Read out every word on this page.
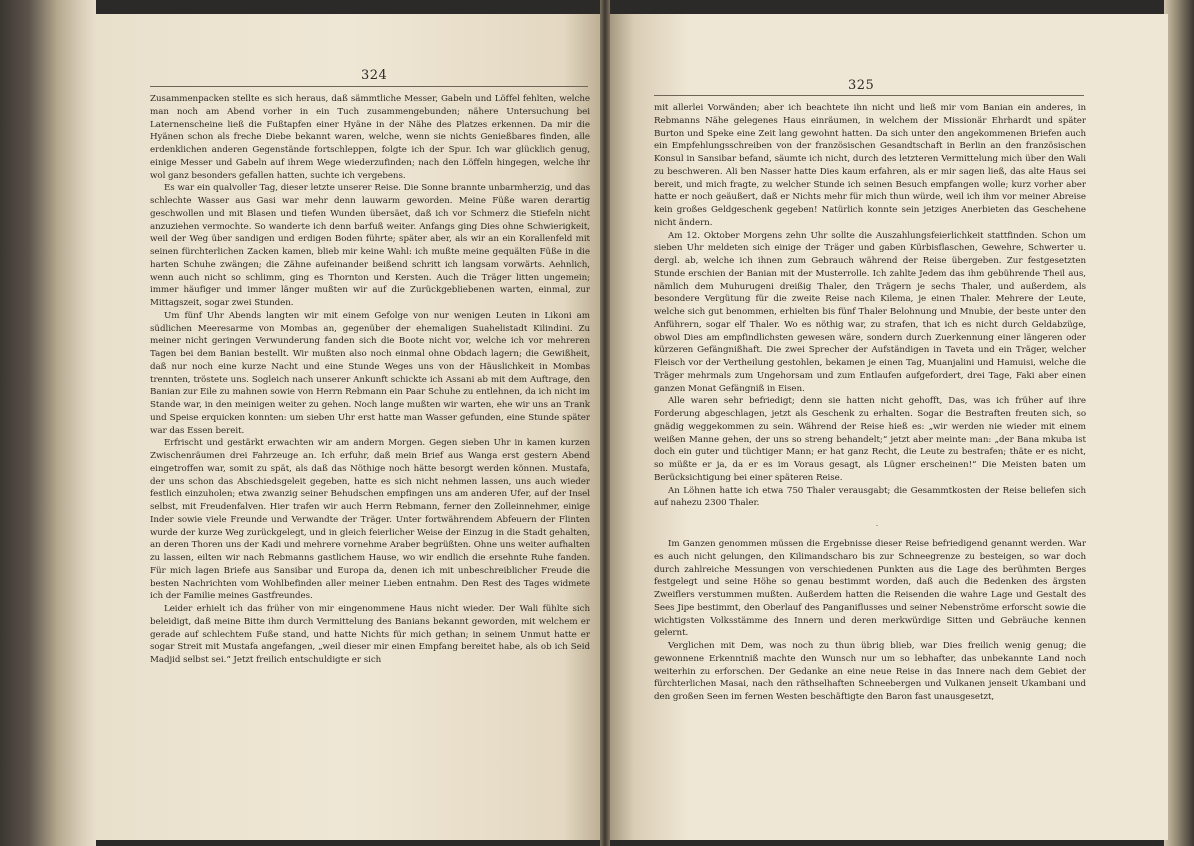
324
325

Zusammenpacken stellte es sich heraus, daß sämmtliche Messer, Gabeln und Löffel fehlten, welche man noch am Abend vorher in ein Tuch zusammengebunden; nähere Untersuchung bei Laternenscheine ließ die Fußtapfen einer Hyäne in der Nähe des Platzes erkennen. Da mir die Hyänen schon als freche Diebe bekannt waren, welche, wenn sie nichts Genießbares finden, alle erdenklichen anderen Gegenstände fortschleppen, folgte ich der Spur. Ich war glücklich genug, einige Messer und Gabeln auf ihrem Wege wiederzufinden; nach den Löffeln hingegen, welche ihr wol ganz besonders gefallen hatten, suchte ich vergebens.

Es war ein qualvoller Tag, dieser letzte unserer Reise. Die Sonne brannte unbarmherzig, und das schlechte Wasser aus Gasi war mehr denn lauwarm geworden. Meine Füße waren derartig geschwollen und mit Blasen und tiefen Wunden übersäet, daß ich vor Schmerz die Stiefeln nicht anzuziehen vermochte. So wanderte ich denn barfuß weiter. Anfangs ging Dies ohne Schwierigkeit, weil der Weg über sandigen und erdigen Boden führte; später aber, als wir an ein Korallenfeld mit seinen fürchterlichen Zacken kamen, blieb mir keine Wahl: ich mußte meine gequälten Füße in die harten Schuhe zwängen; die Zähne aufeinander beißend schritt ich langsam vorwärts. Aehnlich, wenn auch nicht so schlimm, ging es Thornton und Kersten. Auch die Träger litten ungemein; immer häufiger und immer länger mußten wir auf die Zurückgebliebenen warten, einmal, zur Mittagszeit, sogar zwei Stunden.

Um fünf Uhr Abends langten wir mit einem Gefolge von nur wenigen Leuten in Likoni am südlichen Meeresarme von Mombas an, gegenüber der ehemaligen Suahelistadt Kilindini. Zu meiner nicht geringen Verwunderung fanden sich die Boote nicht vor, welche ich vor mehreren Tagen bei dem Banian bestellt. Wir mußten also noch einmal ohne Obdach lagern; die Gewißheit, daß nur noch eine kurze Nacht und eine Stunde Weges uns von der Häuslichkeit in Mombas trennten, tröstete uns. Sogleich nach unserer Ankunft schickte ich Assani ab mit dem Auftrage, den Banian zur Eile zu mahnen sowie von Herrn Rebmann ein Paar Schuhe zu entlehnen, da ich nicht im Stande war, in den meinigen weiter zu gehen. Noch lange mußten wir warten, ehe wir uns an Trank und Speise erquicken konnten: um sieben Uhr erst hatte man Wasser gefunden, eine Stunde später war das Essen bereit.

Erfrischt und gestärkt erwachten wir am andern Morgen. Gegen sieben Uhr in kamen kurzen Zwischenräumen drei Fahrzeuge an. Ich erfuhr, daß mein Brief aus Wanga erst gestern Abend eingetroffen war, somit zu spät, als daß das Nöthige noch hätte besorgt werden können. Mustafa, der uns schon das Abschiedsgeleit gegeben, hatte es sich nicht nehmen lassen, uns auch wieder festlich einzuholen; etwa zwanzig seiner Behudschen empfingen uns am anderen Ufer, auf der Insel selbst, mit Freudenfalven. Hier trafen wir auch Herrn Rebmann, ferner den Zolleinnehmer, einige Inder sowie viele Freunde und Verwandte der Träger. Unter fortwährendem Abfeuern der Flinten wurde der kurze Weg zurückgelegt, und in gleich feierlicher Weise der Einzug in die Stadt gehalten, an deren Thoren uns der Kadi und mehrere vornehme Araber begrüßten. Ohne uns weiter aufhalten zu lassen, eilten wir nach Rebmanns gastlichem Hause, wo wir endlich die ersehnte Ruhe fanden. Für mich lagen Briefe aus Sansibar und Europa da, denen ich mit unbeschreiblicher Freude die besten Nachrichten vom Wohlbefinden aller meiner Lieben entnahm. Den Rest des Tages widmete ich der Familie meines Gastfreundes.

Leider erhielt ich das früher von mir eingenommene Haus nicht wieder. Der Wali fühlte sich beleidigt, daß meine Bitte ihm durch Vermittelung des Banians bekannt geworden, mit welchem er gerade auf schlechtem Fuße stand, und hatte Nichts für mich gethan; in seinem Unmut hatte er sogar Streit mit Mustafa angefangen, „weil dieser mir einen Empfang bereitet habe, als ob ich Seid Madjid selbst sei.“ Jetzt freilich entschuldigte er sich

mit allerlei Vorwänden; aber ich beachtete ihn nicht und ließ mir vom Banian ein anderes, in Rebmanns Nähe gelegenes Haus einräumen, in welchem der Missionär Ehrhardt und später Burton und Speke eine Zeit lang gewohnt hatten. Da sich unter den angekommenen Briefen auch ein Empfehlungsschreiben von der französischen Gesandtschaft in Berlin an den französischen Konsul in Sansibar befand, säumte ich nicht, durch des letzteren Vermittelung mich über den Wali zu beschweren. Ali ben Nasser hatte Dies kaum erfahren, als er mir sagen ließ, das alte Haus sei bereit, und mich fragte, zu welcher Stunde ich seinen Besuch empfangen wolle; kurz vorher aber hatte er noch geäußert, daß er Nichts mehr für mich thun würde, weil ich ihm vor meiner Abreise kein großes Geldgeschenk gegeben! Natürlich konnte sein jetziges Anerbieten das Geschehene nicht ändern.

Am 12. Oktober Morgens zehn Uhr sollte die Auszahlungsfeierlichkeit stattfinden. Schon um sieben Uhr meldeten sich einige der Träger und gaben Kürbisflaschen, Gewehre, Schwerter u. dergl. ab, welche ich ihnen zum Gebrauch während der Reise übergeben. Zur festgesetzten Stunde erschien der Banian mit der Musterrolle. Ich zahlte Jedem das ihm gebührende Theil aus, nämlich dem Muhurugeni dreißig Thaler, den Trägern je sechs Thaler, und außerdem, als besondere Vergütung für die zweite Reise nach Kilema, je einen Thaler. Mehrere der Leute, welche sich gut benommen, erhielten bis fünf Thaler Belohnung und Mnubie, der beste unter den Anführern, sogar elf Thaler. Wo es nöthig war, zu strafen, that ich es nicht durch Geldabzüge, obwol Dies am empfindlichsten gewesen wäre, sondern durch Zuerkennung einer längeren oder kürzeren Gefängnißhaft. Die zwei Sprecher der Aufständigen in Taveta und ein Träger, welcher Fleisch vor der Vertheilung gestohlen, bekamen je einen Tag, Muanjalini und Hamuisi, welche die Träger mehrmals zum Ungehorsam und zum Entlaufen aufgefordert, drei Tage, Faki aber einen ganzen Monat Gefängniß in Eisen.

Alle waren sehr befriedigt; denn sie hatten nicht gehofft, Das, was ich früher auf ihre Forderung abgeschlagen, jetzt als Geschenk zu erhalten. Sogar die Bestraften freuten sich, so gnädig weggekommen zu sein. Während der Reise hieß es: „wir werden nie wieder mit einem weißen Manne gehen, der uns so streng behandelt;“ jetzt aber meinte man: „der Bana mkuba ist doch ein guter und tüchtiger Mann; er hat ganz Recht, die Leute zu bestrafen; thäte er es nicht, so müßte er ja, da er es im Voraus gesagt, als Lügner erscheinen!“ Die Meisten baten um Berücksichtigung bei einer späteren Reise.

An Löhnen hatte ich etwa 750 Thaler verausgabt; die Gesammtkosten der Reise beliefen sich auf nahezu 2300 Thaler.

.

Im Ganzen genommen müssen die Ergebnisse dieser Reise befriedigend genannt werden. War es auch nicht gelungen, den Kilimandscharo bis zur Schneegrenze zu besteigen, so war doch durch zahlreiche Messungen von verschiedenen Punkten aus die Lage des berühmten Berges festgelegt und seine Höhe so genau bestimmt worden, daß auch die Bedenken des ärgsten Zweiflers verstummen mußten. Außerdem hatten die Reisenden die wahre Lage und Gestalt des Sees Jipe bestimmt, den Oberlauf des Panganiflusses und seiner Nebenströme erforscht sowie die wichtigsten Volksstämme des Innern und deren merkwürdige Sitten und Gebräuche kennen gelernt.

Verglichen mit Dem, was noch zu thun übrig blieb, war Dies freilich wenig genug; die gewonnene Erkenntniß machte den Wunsch nur um so lebhafter, das unbekannte Land noch weiterhin zu erforschen. Der Gedanke an eine neue Reise in das Innere nach dem Gebiet der fürchterlichen Masai, nach den räthselhaften Schneebergen und Vulkanen jenseit Ukambani und den großen Seen im fernen Westen beschäftigte den Baron fast unausgesetzt,
